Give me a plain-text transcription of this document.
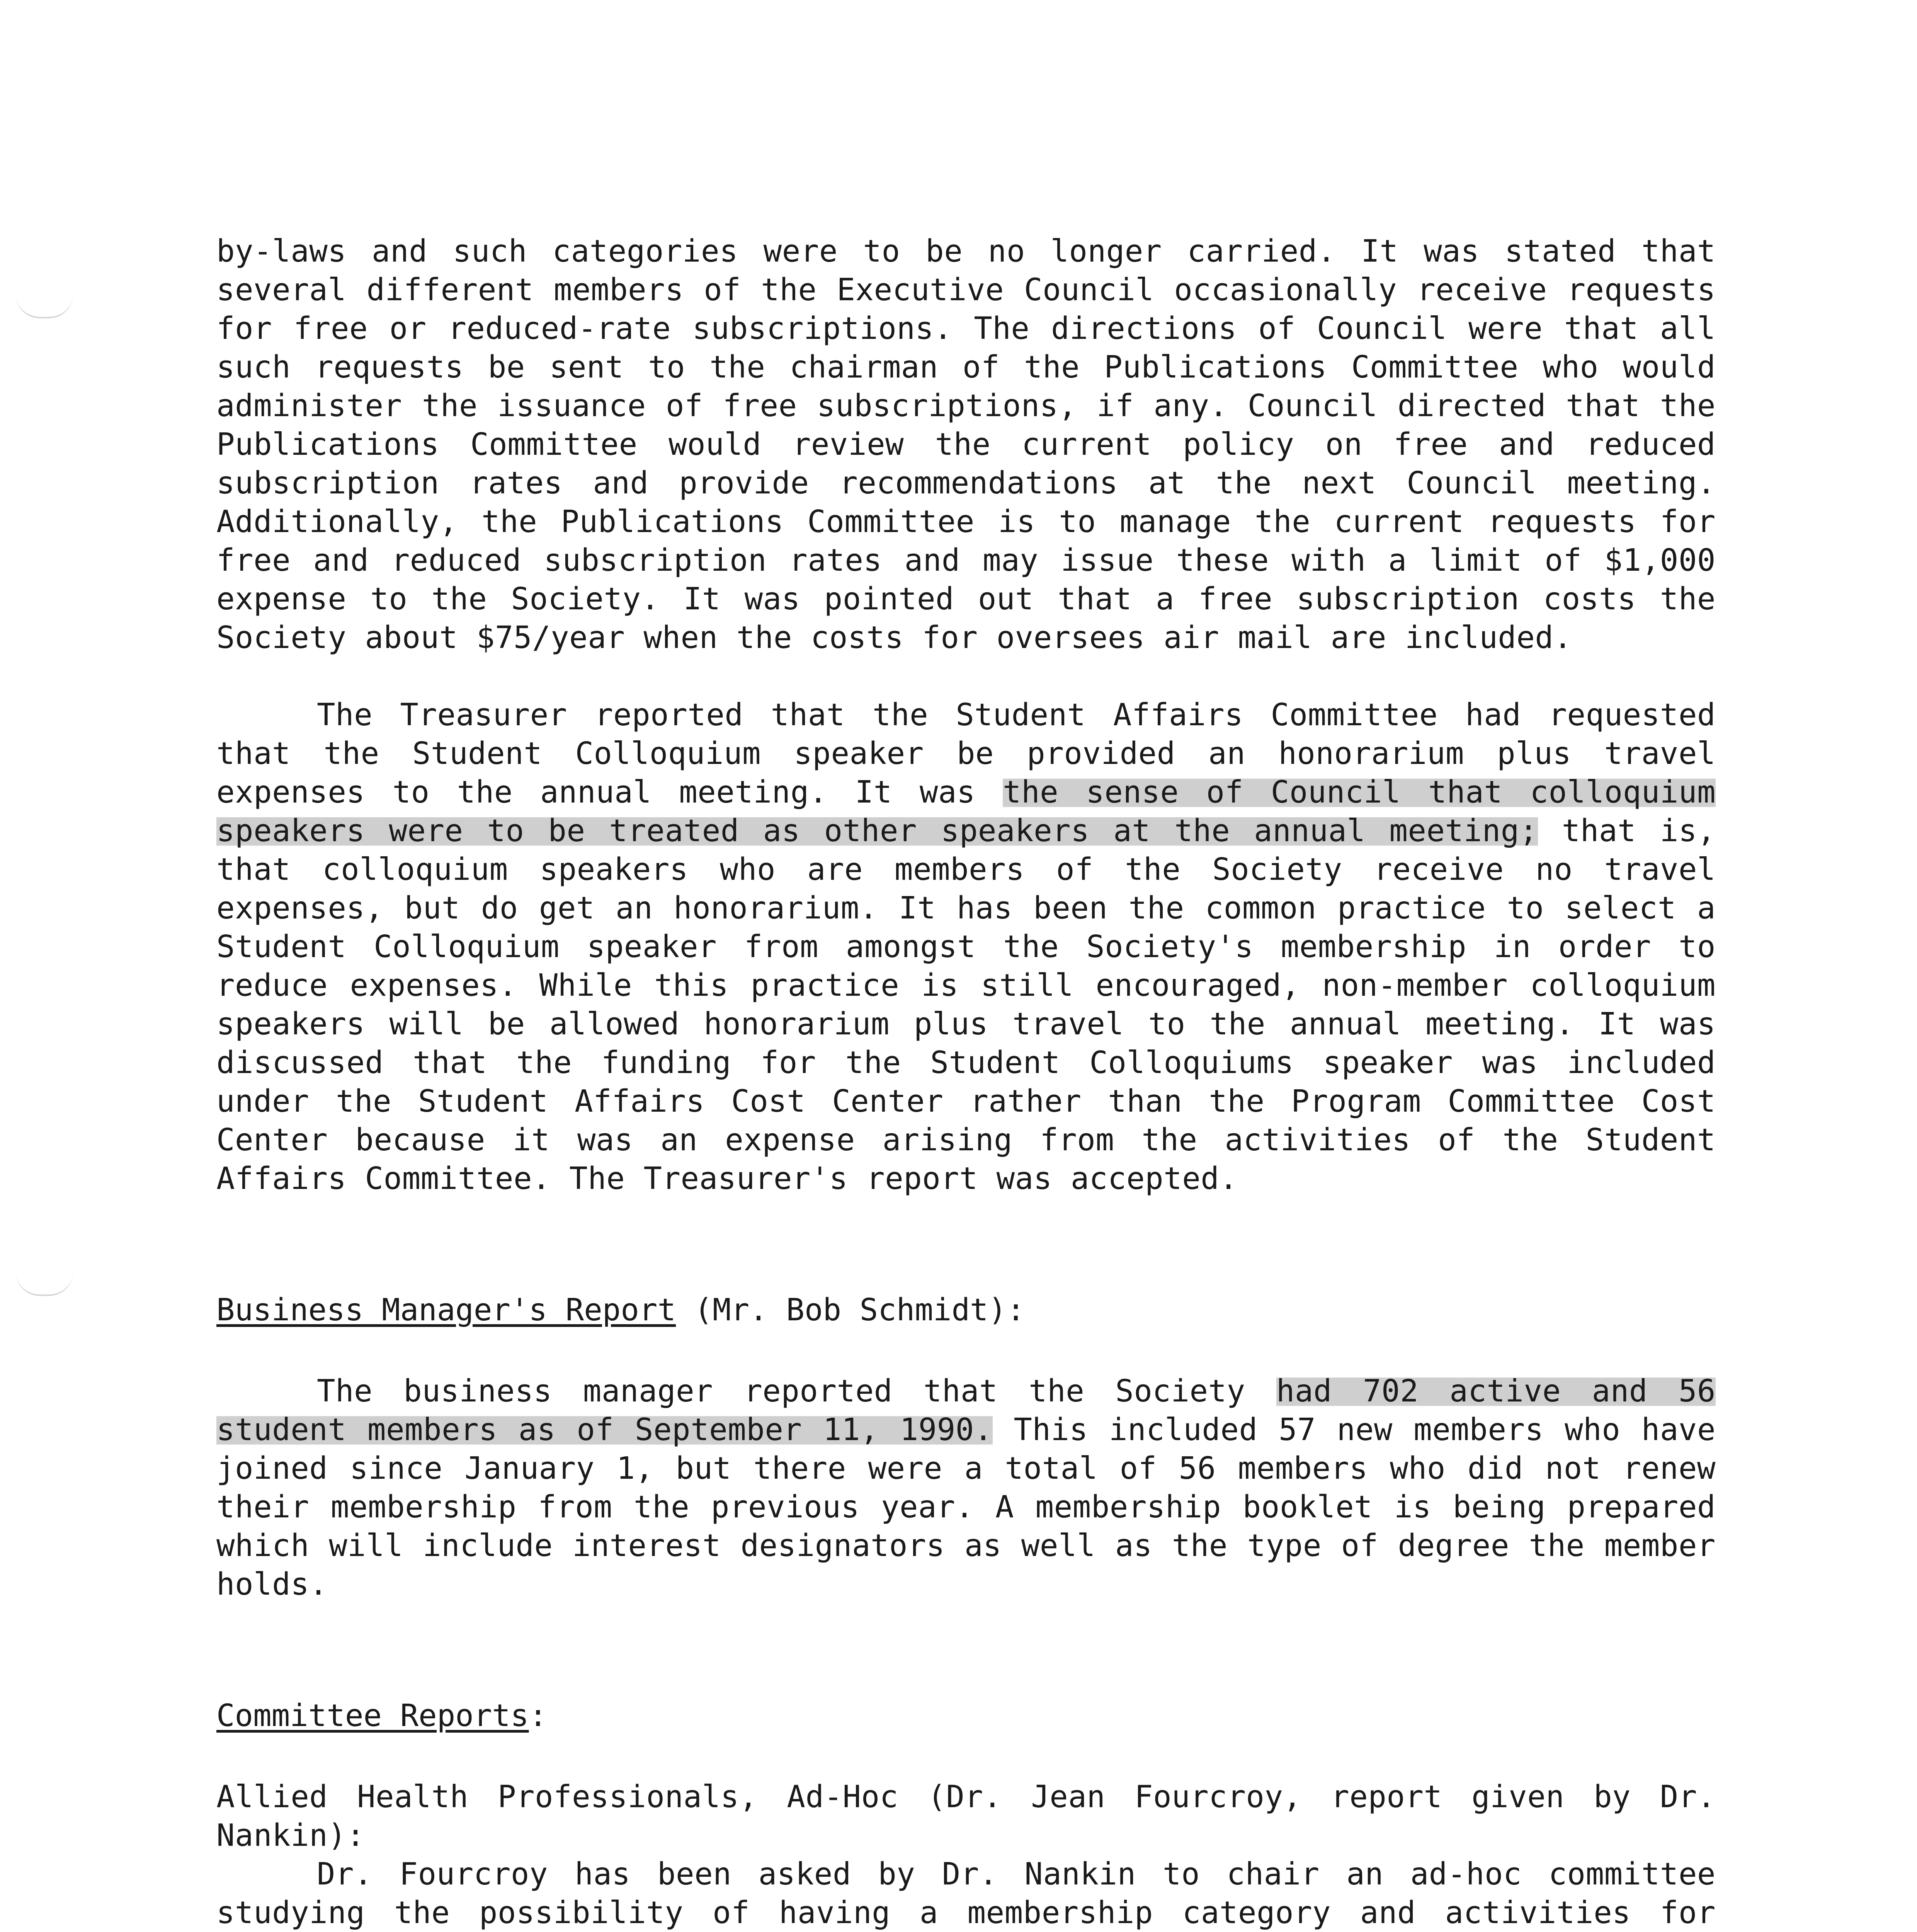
by-laws and such categories were to be no longer carried. It was stated that several different members of the Executive Council occasionally receive requests for free or reduced-rate subscriptions. The directions of Council were that all such requests be sent to the chairman of the Publications Committee who would administer the issuance of free subscriptions, if any. Council directed that the Publications Committee would review the current policy on free and reduced subscription rates and provide recommendations at the next Council meeting. Additionally, the Publications Committee is to manage the current requests for free and reduced subscription rates and may issue these with a limit of $1,000 expense to the Society. It was pointed out that a free subscription costs the Society about $75/year when the costs for oversees air mail are included.

The Treasurer reported that the Student Affairs Committee had requested that the Student Colloquium speaker be provided an honorarium plus travel expenses to the annual meeting. It was the sense of Council that colloquium speakers were to be treated as other speakers at the annual meeting; that is, that colloquium speakers who are members of the Society receive no travel expenses, but do get an honorarium. It has been the common practice to select a Student Colloquium speaker from amongst the Society's membership in order to reduce expenses. While this practice is still encouraged, non-member colloquium speakers will be allowed honorarium plus travel to the annual meeting. It was discussed that the funding for the Student Colloquiums speaker was included under the Student Affairs Cost Center rather than the Program Committee Cost Center because it was an expense arising from the activities of the Student Affairs Committee. The Treasurer's report was accepted.

Business Manager's Report (Mr. Bob Schmidt):

The business manager reported that the Society had 702 active and 56 student members as of September 11, 1990. This included 57 new members who have joined since January 1, but there were a total of 56 members who did not renew their membership from the previous year. A membership booklet is being prepared which will include interest designators as well as the type of degree the member holds.

Committee Reports:

Allied Health Professionals, Ad-Hoc (Dr. Jean Fourcroy, report given by Dr. Nankin):

Dr. Fourcroy has been asked by Dr. Nankin to chair an ad-hoc committee studying the possibility of having a membership category and activities for
